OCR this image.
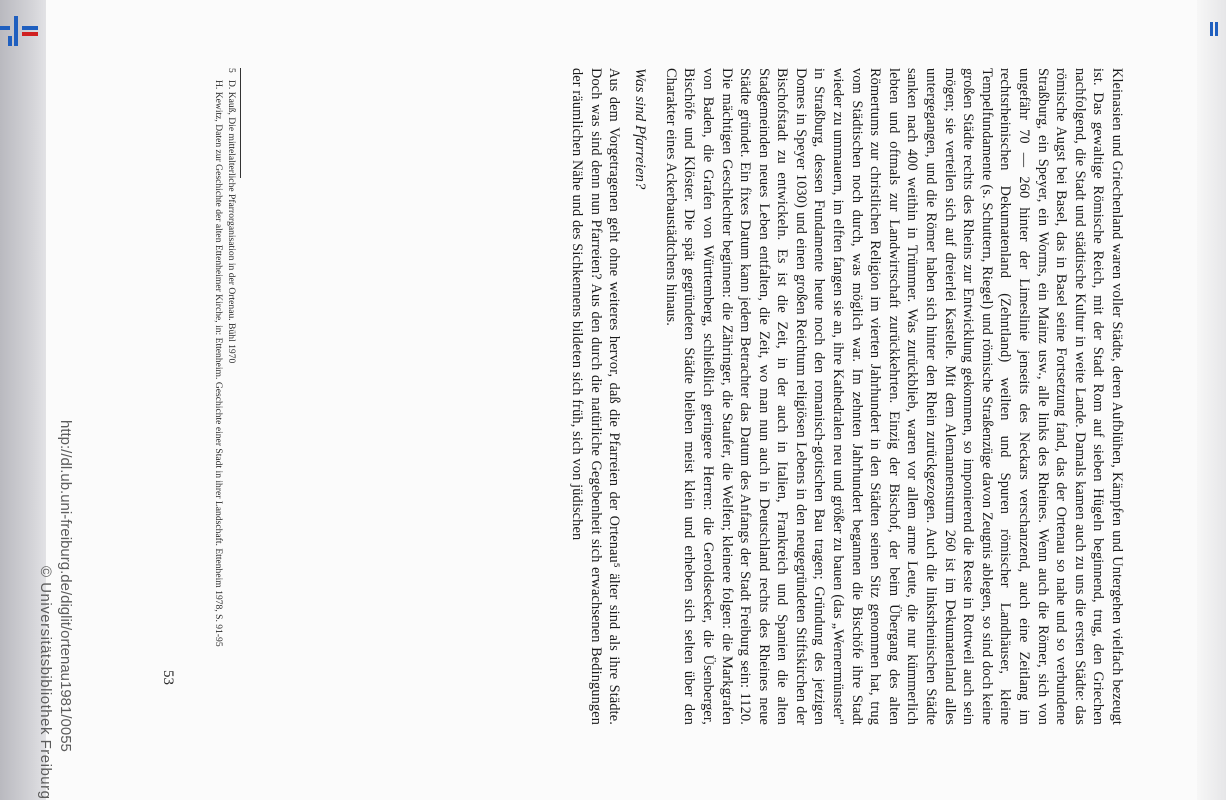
http://dl.ub.uni-freiburg.de/diglit/ortenau1981/0055
© Universitätsbibliothek Freiburg	Kleinasien und Griechenland waren voller Städte, deren Aufblühen, Kämpfen und Untergehen vielfach bezeugt ist. Das gewaltige Römische Reich, mit der Stadt Rom auf sieben Hügeln beginnend, trug, den Griechen nachfolgend, die Stadt und städtische Kultur in weite Lande. Damals kamen auch zu uns die ersten Städte: das römische Augst bei Basel, das in Basel seine Fortsetzung fand, das der Ortenau so nahe und so verbundene Straßburg, ein Speyer, ein Worms, ein Mainz usw., alle links des Rheines. Wenn auch die Römer, sich von ungefähr 70 — 260 hinter der Limeslinie jenseits des Neckars verschanzend, auch eine Zeitlang im rechtsrheinischen Dekumatenland (Zehntland) weilten und Spuren römischer Landhäuser, kleine Tempelfundamente (s. Schuttern, Riegel) und römische Straßenzüge davon Zeugnis ablegen, so sind doch keine großen Städte rechts des Rheins zur Entwicklung gekommen, so imponierend die Reste in Rottweil auch sein mögen; sie verteilen sich auf dreierlei Kastelle. Mit dem Alemannensturm 260 ist im Dekumatenland alles untergegangen, und die Römer haben sich hinter den Rhein zurückgezogen. Auch die linksrheinischen Städte sanken nach 400 weithin in Trümmer. Was zurückblieb, waren vor allem arme Leute, die nur kümmerlich lebten und oftmals zur Landwirtschaft zurückkehrten. Einzig der Bischof, der beim Übergang des alten Römertums zur christlichen Religion im vierten Jahrhundert in den Städten seinen Sitz genommen hat, trug vom Städtischen noch durch, was möglich war. Im zehnten Jahrhundert begannen die Bischöfe ihre Stadt wieder zu ummauern, im elften fangen sie an, ihre Kathedralen neu und größer zu bauen (das „Wernermünster" in Straßburg, dessen Fundamente heute noch den romanisch-gotischen Bau tragen; Gründung des jetzigen Domes in Speyer 1030) und einen großen Reichtum religiösen Lebens in den neugegründeten Stiftskirchen der Bischofstadt zu entwickeln. Es ist die Zeit, in der auch in Italien, Frankreich und Spanien die alten Stadgemeinden neues Leben entfalten, die Zeit, wo man nun auch in Deutschland rechts des Rheines neue Städte gründet. Ein fixes Datum kann jedem Betrachter das Datum des Anfangs der Stadt Freiburg sein: 1120. Die mächtigen Geschlechter beginnen: die Zähringer, die Staufer, die Welfen; kleinere folgen: die Markgrafen von Baden, die Grafen von Württemberg, schließlich geringere Herren: die Geroldsecker, die Üsenberger, Bischöfe und Klöster. Die spät gegründeten Städte bleiben meist klein und erheben sich selten über den Charakter eines Ackerbaustädtchens hinaus.

Was sind Pfarreien?

Aus dem Vorgetragenen geht ohne weiteres hervor, daß die Pfarreien der Ortenau⁵ älter sind als ihre Städte. Doch was sind denn nun Pfarreien? Aus den durch die natürliche Gegebenheit sich erwachsenen Bedingungen der räumlichen Nähe und des Sichkennens bildeten sich früh, sich von jüdischen

5D. Kauß, Die mittelalterliche Pfarrorganisation in der Ortenau. Bühl 1970

H. Kewitz, Daten zur Geschichte der alten Ettenheimer Kirche, in: Ettenheim. Geschichte einer Stadt in ihrer Landschaft. Ettenheim 1978, S. 91-95

53
